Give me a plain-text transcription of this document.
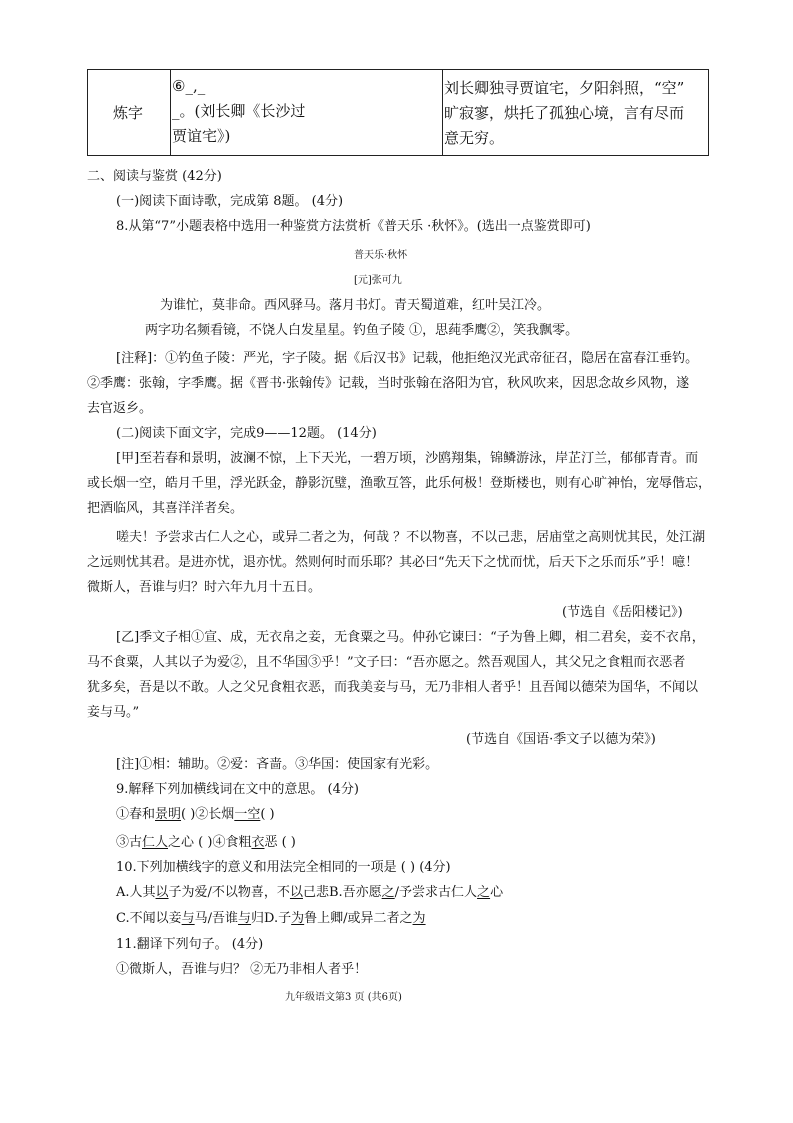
炼字
⑥_,_
_。(刘长卿《长沙过
贾谊宅》)
刘长卿独寻贾谊宅，夕阳斜照，“空”
旷寂寥，烘托了孤独心境，言有尽而
意无穷。
二、阅读与鉴赏 (42分)
(一)阅读下面诗歌，完成第 8题。 (4分)
8.从第“7”小题表格中选用一种鉴赏方法赏析《普天乐 ·秋怀》。(选出一点鉴赏即可)
普天乐·秋怀
[元]张可九
为谁忙，莫非命。西风驿马。落月书灯。青天蜀道难，红叶吴江冷。
两字功名频看镜，不饶人白发星星。钓鱼子陵 ①，思莼季鹰②，笑我飘零。
[注释]：①钓鱼子陵：严光，字子陵。据《后汉书》记载，他拒绝汉光武帝征召，隐居在富春江垂钓。
②季鹰：张翰，字季鹰。据《晋书·张翰传》记载，当时张翰在洛阳为官，秋风吹来，因思念故乡风物，遂
去官返乡。
(二)阅读下面文字，完成9——12题。 (14分)
[甲]至若春和景明，波澜不惊，上下天光，一碧万顷，沙鸥翔集，锦鳞游泳，岸芷汀兰，郁郁青青。而
或长烟一空，皓月千里，浮光跃金，静影沉璧，渔歌互答，此乐何极！登斯楼也，则有心旷神怡，宠辱偕忘，
把酒临风，其喜洋洋者矣。
嗟夫！予尝求古仁人之心，或异二者之为，何哉 ？不以物喜，不以己悲，居庙堂之高则忧其民，处江湖
之远则忧其君。是进亦忧，退亦忧。然则何时而乐耶？其必曰“先天下之忧而忧，后天下之乐而乐”乎！噫！
微斯人，吾谁与归？时六年九月十五日。
(节选自《岳阳楼记》)
[乙]季文子相①宣、成，无衣帛之妾，无食粟之马。仲孙它谏曰：“子为鲁上卿，相二君矣，妾不衣帛，
马不食粟，人其以子为爱②，且不华国③乎！”文子曰：“吾亦愿之。然吾观国人，其父兄之食粗而衣恶者
犹多矣，吾是以不敢。人之父兄食粗衣恶，而我美妾与马，无乃非相人者乎！且吾闻以德荣为国华，不闻以
妾与马。”
(节选自《国语·季文子以德为荣》)
[注]①相：辅助。②爱：吝啬。③华国：使国家有光彩。
9.解释下列加横线词在文中的意思。 (4分)
①春和景明( )②长烟一空( )
③古仁人之心 ( )④食粗衣恶 ( )
10.下列加横线字的意义和用法完全相同的一项是 ( ) (4分)
A.人其以子为爱/不以物喜，不以己悲B.吾亦愿之/予尝求古仁人之心
C.不闻以妾与马/吾谁与归D.子为鲁上卿/或异二者之为
11.翻译下列句子。 (4分)
①微斯人，吾谁与归？ ②无乃非相人者乎！
九年级语文第3 页 (共6页)
